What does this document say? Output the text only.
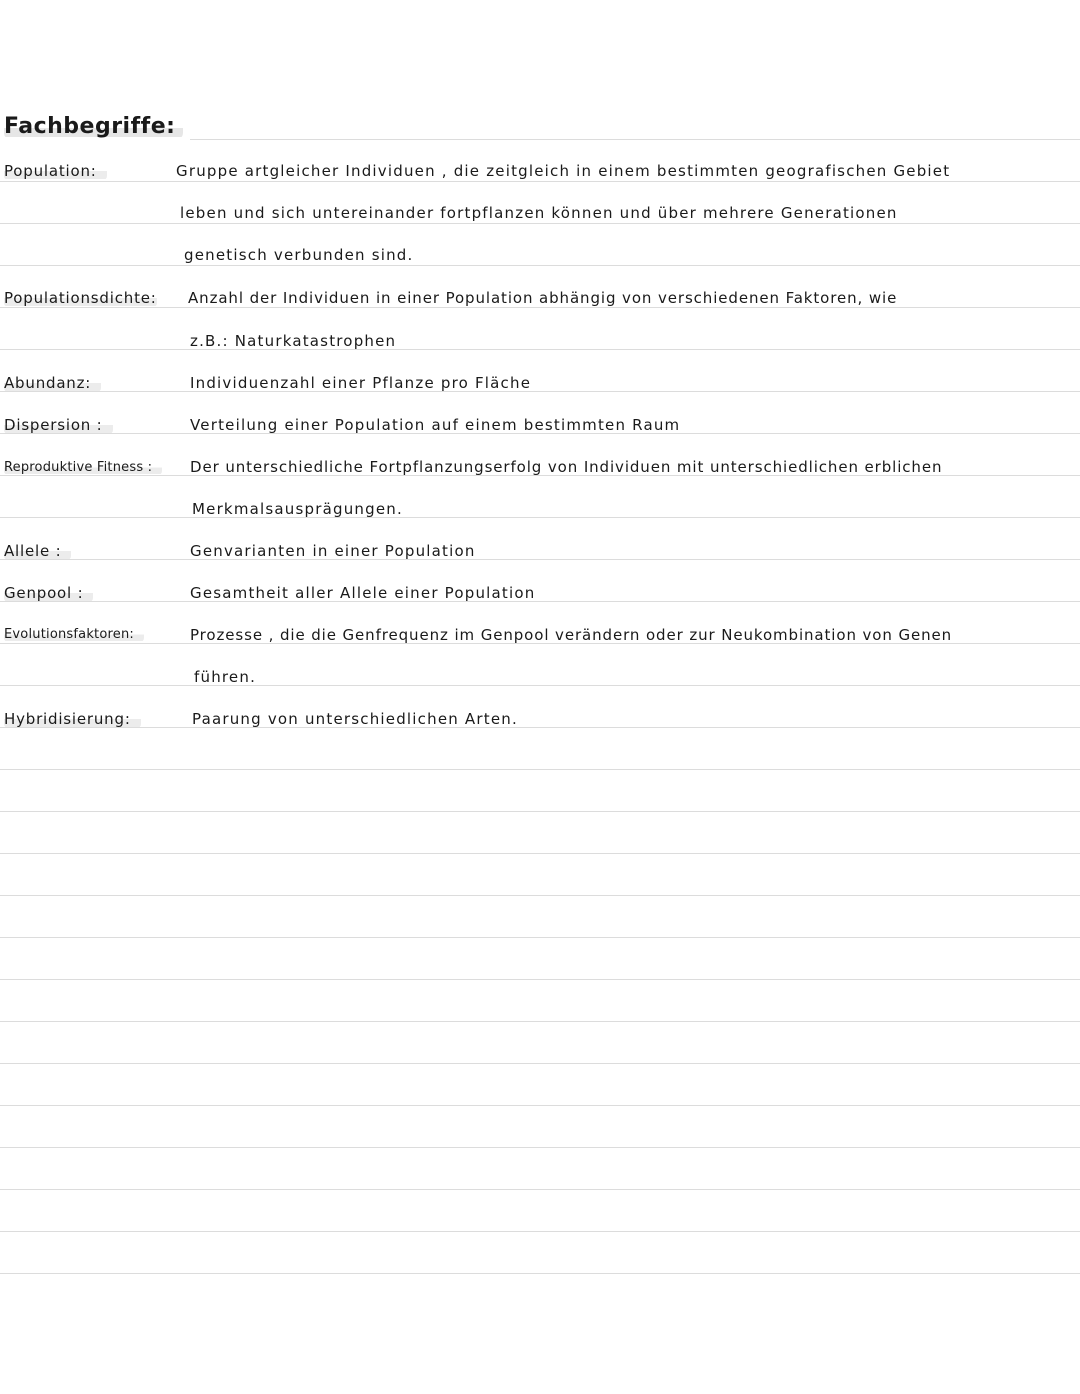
Fachbegriffe:
Population:	Gruppe artgleicher Individuen , die zeitgleich in einem bestimmten geografischen Gebiet
leben und sich untereinander fortpflanzen können und über mehrere Generationen
genetisch verbunden sind.
Populationsdichte: Anzahl der Individuen in einer Population abhängig von verschiedenen Faktoren, wie
z.B.: Naturkatastrophen
Abundanz:	Individuenzahl einer Pflanze pro Fläche
Dispersion :	Verteilung einer Population auf einem bestimmten Raum
Reproduktive Fitness :	Der unterschiedliche Fortpflanzungserfolg von Individuen mit unterschiedlichen erblichen
Merkmalsausprägungen.
Allele :	Genvarianten in einer Population
Genpool :	Gesamtheit aller Allele einer Population
Evolutionsfaktoren:	Prozesse , die die Genfrequenz im Genpool verändern oder zur Neukombination von Genen
führen.
Hybridisierung:	Paarung von unterschiedlichen Arten.
